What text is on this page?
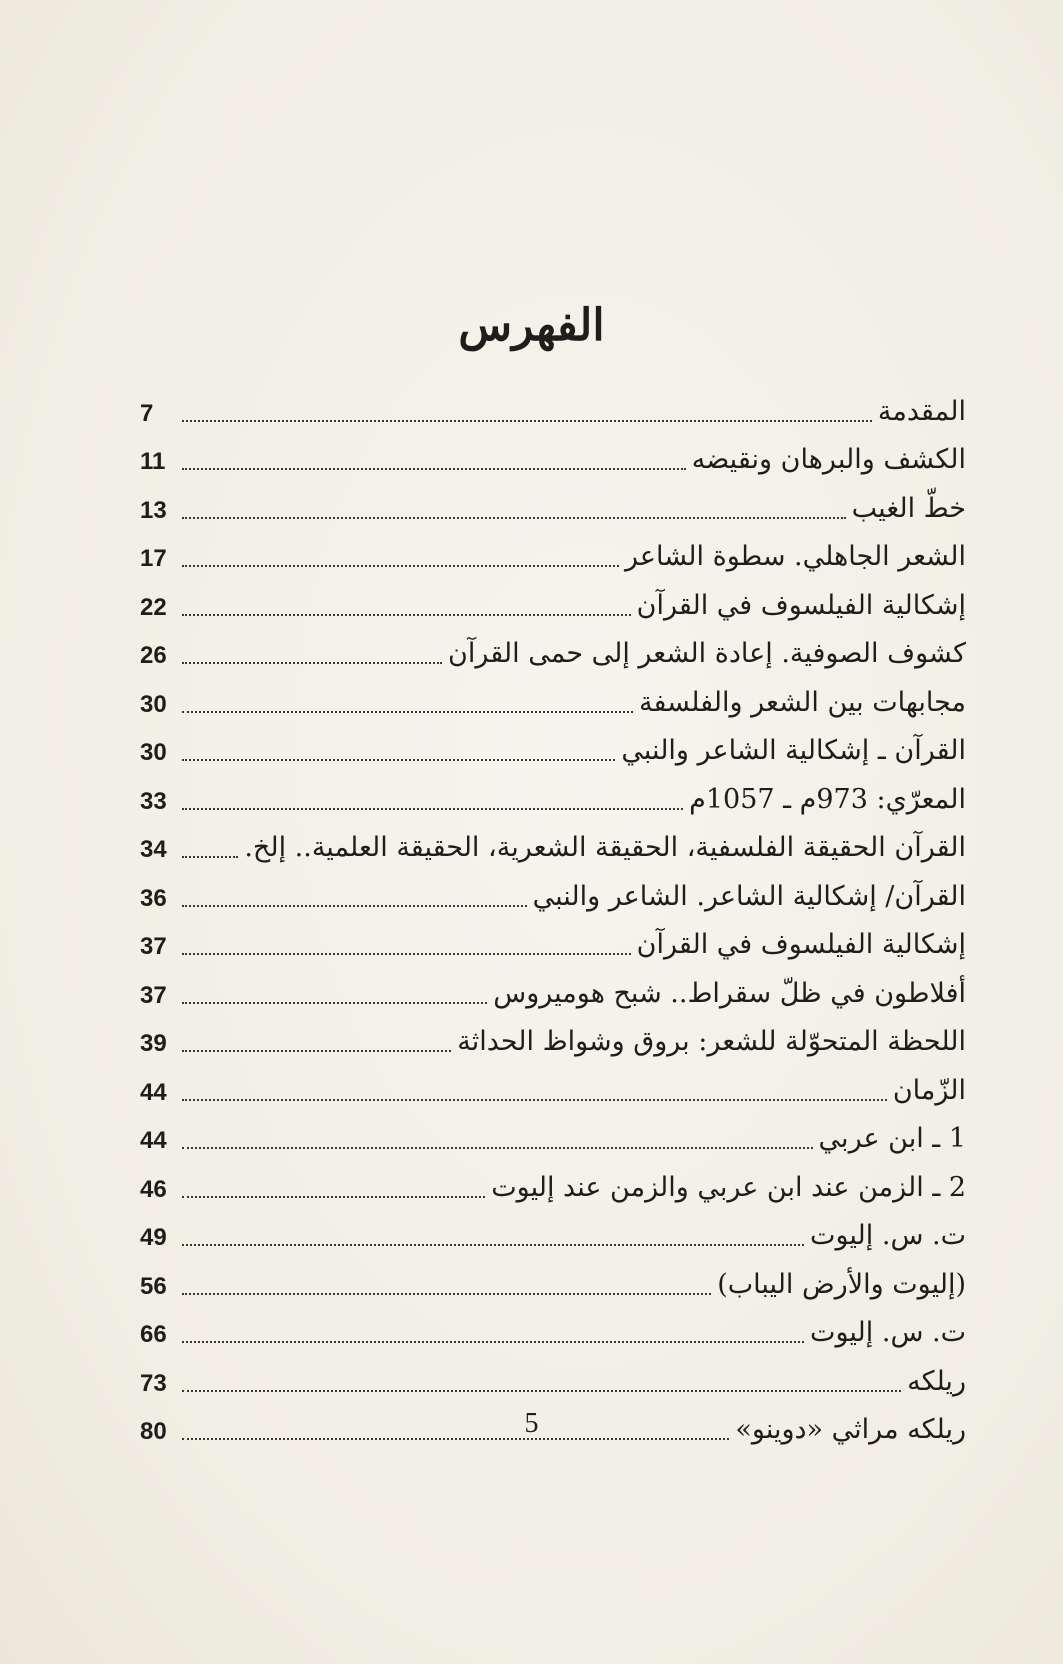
الفهرس
المقدمة
7
الكشف والبرهان ونقيضه
11
خطّ الغيب
13
الشعر الجاهلي. سطوة الشاعر
17
إشكالية الفيلسوف في القرآن
22
كشوف الصوفية. إعادة الشعر إلى حمى القرآن
26
مجابهات بين الشعر والفلسفة
30
القرآن ـ إشكالية الشاعر والنبي
30
المعرّي: 973م ـ 1057م
33
القرآن الحقيقة الفلسفية، الحقيقة الشعرية، الحقيقة العلمية.. إلخ.
34
القرآن/ إشكالية الشاعر. الشاعر والنبي
36
إشكالية الفيلسوف في القرآن
37
أفلاطون في ظلّ سقراط.. شبح هوميروس
37
اللحظة المتحوّلة للشعر: بروق وشواظ الحداثة
39
الزّمان
44
1 ـ ابن عربي
44
2 ـ الزمن عند ابن عربي والزمن عند إليوت
46
ت. س. إليوت
49
(إليوت والأرض اليباب)
56
ت. س. إليوت
66
ريلكه
73
ريلكه مراثي «دوينو»
80	5
